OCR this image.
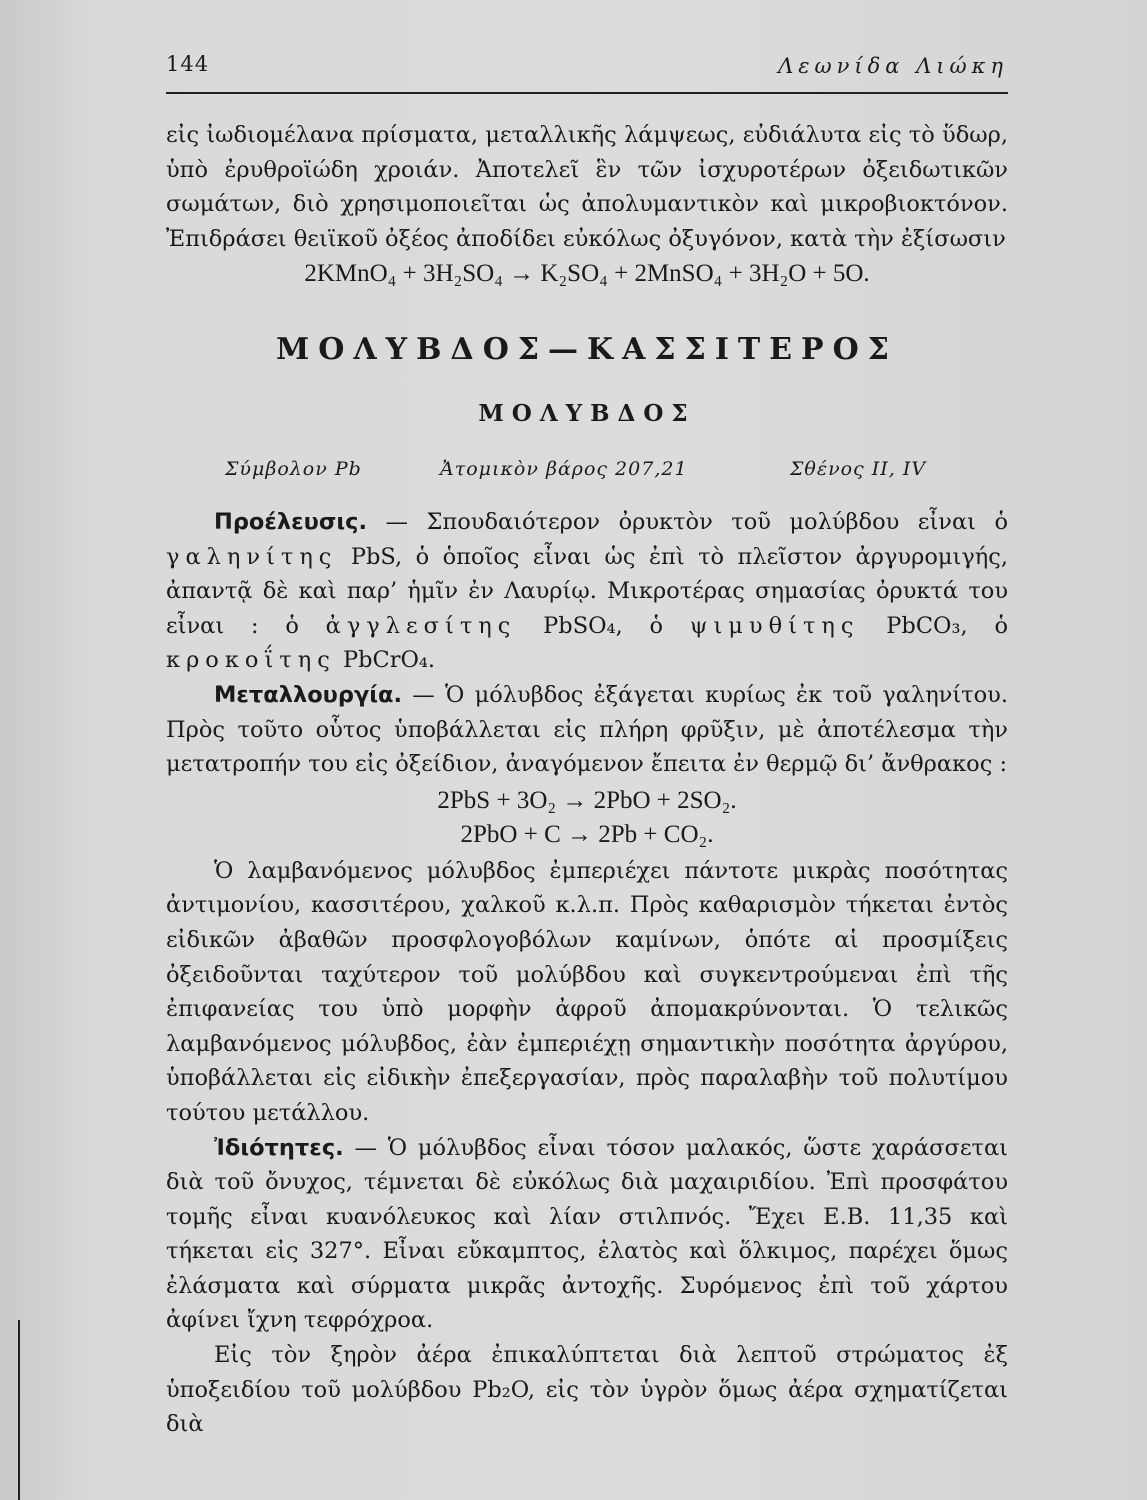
144	Λεωνίδα Λιώκη

εἰς ἰωδιομέλανα πρίσματα, μεταλλικῆς λάμψεως, εὐδιάλυτα εἰς τὸ ὕδωρ, ὑπὸ ἐρυθροϊώδη χροιάν. Ἀποτελεῖ ἓν τῶν ἰσχυροτέρων ὀξειδωτικῶν σωμάτων, διὸ χρησιμοποιεῖται ὡς ἀπολυμαντικὸν καὶ μικροβιοκτόνον. Ἐπιδράσει θειϊκοῦ ὀξέος ἀποδίδει εὐκόλως ὀξυγόνον, κατὰ τὴν ἐξίσωσιν

2KMnO₄ + 3H₂SO₄ → K₂SO₄ + 2MnSO₄ + 3H₂O + 5O.

ΜΟΛΥΒΔΟΣ—ΚΑΣΣΙΤΕΡΟΣ
ΜΟΛΥΒΔΟΣ
Σύμβολον Pb	Ἀτομικὸν βάρος 207,21	Σθένος II, IV

Προέλευσις. — Σπουδαιότερον ὀρυκτὸν τοῦ μολύβδου εἶναι ὁ γαληνίτης PbS, ὁ ὁποῖος εἶναι ὡς ἐπὶ τὸ πλεῖστον ἀργυρομιγής, ἀπαντᾷ δὲ καὶ παρ’ ἡμῖν ἐν Λαυρίῳ. Μικροτέρας σημασίας ὀρυκτά του εἶναι : ὁ ἀγγλεσίτης PbSO₄, ὁ ψιμυθίτης PbCO₃, ὁ κροκοΐτης PbCrO₄.

Μεταλλουργία. — Ὁ μόλυβδος ἐξάγεται κυρίως ἐκ τοῦ γαληνίτου. Πρὸς τοῦτο οὗτος ὑποβάλλεται εἰς πλήρη φρῦξιν, μὲ ἀποτέλεσμα τὴν μετατροπήν του εἰς ὀξείδιον, ἀναγόμενον ἔπειτα ἐν θερμῷ δι’ ἄνθρακος :

2PbS + 3O₂ → 2PbO + 2SO₂.

2PbO + C → 2Pb + CO₂.

Ὁ λαμβανόμενος μόλυβδος ἐμπεριέχει πάντοτε μικρὰς ποσότητας ἀντιμονίου, κασσιτέρου, χαλκοῦ κ.λ.π. Πρὸς καθαρισμὸν τήκεται ἐντὸς εἰδικῶν ἀβαθῶν προσφλογοβόλων καμίνων, ὁπότε αἱ προσμίξεις ὀξειδοῦνται ταχύτερον τοῦ μολύβδου καὶ συγκεντρούμεναι ἐπὶ τῆς ἐπιφανείας του ὑπὸ μορφὴν ἀφροῦ ἀπομακρύνονται. Ὁ τελικῶς λαμβανόμενος μόλυβδος, ἐὰν ἐμπεριέχῃ σημαντικὴν ποσότητα ἀργύρου, ὑποβάλλεται εἰς εἰδικὴν ἐπεξεργασίαν, πρὸς παραλαβὴν τοῦ πολυτίμου τούτου μετάλλου.

Ἰδιότητες. — Ὁ μόλυβδος εἶναι τόσον μαλακός, ὥστε χαράσσεται διὰ τοῦ ὄνυχος, τέμνεται δὲ εὐκόλως διὰ μαχαιριδίου. Ἐπὶ προσφάτου τομῆς εἶναι κυανόλευκος καὶ λίαν στιλπνός. Ἔχει Ε.Β. 11,35 καὶ τήκεται εἰς 327°. Εἶναι εὔκαμπτος, ἐλατὸς καὶ ὅλκιμος, παρέχει ὅμως ἐλάσματα καὶ σύρματα μικρᾶς ἀντοχῆς. Συρόμενος ἐπὶ τοῦ χάρτου ἀφίνει ἴχνη τεφρόχροα.

Εἰς τὸν ξηρὸν ἀέρα ἐπικαλύπτεται διὰ λεπτοῦ στρώματος ἐξ ὑποξειδίου τοῦ μολύβδου Pb₂O, εἰς τὸν ὑγρὸν ὅμως ἀέρα σχηματίζεται διὰ
